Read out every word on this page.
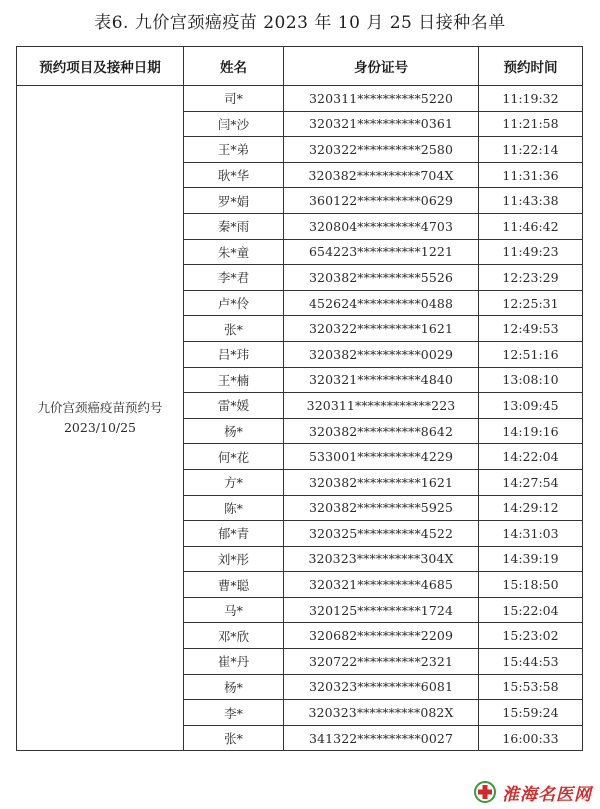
表6. 九价宫颈癌疫苗 2023 年 10 月 25 日接种名单
预约项目及接种日期	姓名	身份证号	预约时间

九价宫颈癌疫苗预约号
2023/10/25	司*	320311**********5220	11:19:32
	闫*沙	320321**********0361	11:21:58
	王*弟	320322**********2580	11:22:14
	耿*华	320382**********704X	11:31:36
	罗*娟	360122**********0629	11:43:38
	秦*雨	320804**********4703	11:46:42
	朱*童	654223**********1221	11:49:23
	李*君	320382**********5526	12:23:29
	卢*伶	452624**********0488	12:25:31
	张*	320322**********1621	12:49:53
	吕*玮	320382**********0029	12:51:16
	王*楠	320321**********4840	13:08:10
	雷*媛	320311************223	13:09:45
	杨*	320382**********8642	14:19:16
	何*花	533001**********4229	14:22:04
	方*	320382**********1621	14:27:54
	陈*	320382**********5925	14:29:12
	郁*青	320325**********4522	14:31:03
	刘*彤	320323**********304X	14:39:19
	曹*聪	320321**********4685	15:18:50
	马*	320125**********1724	15:22:04
	邓*欣	320682**********2209	15:23:02
	崔*丹	320722**********2321	15:44:53
	杨*	320323**********6081	15:53:58
	李*	320323**********082X	15:59:24
	张*	341322**********0027	16:00:33
淮海名医网
